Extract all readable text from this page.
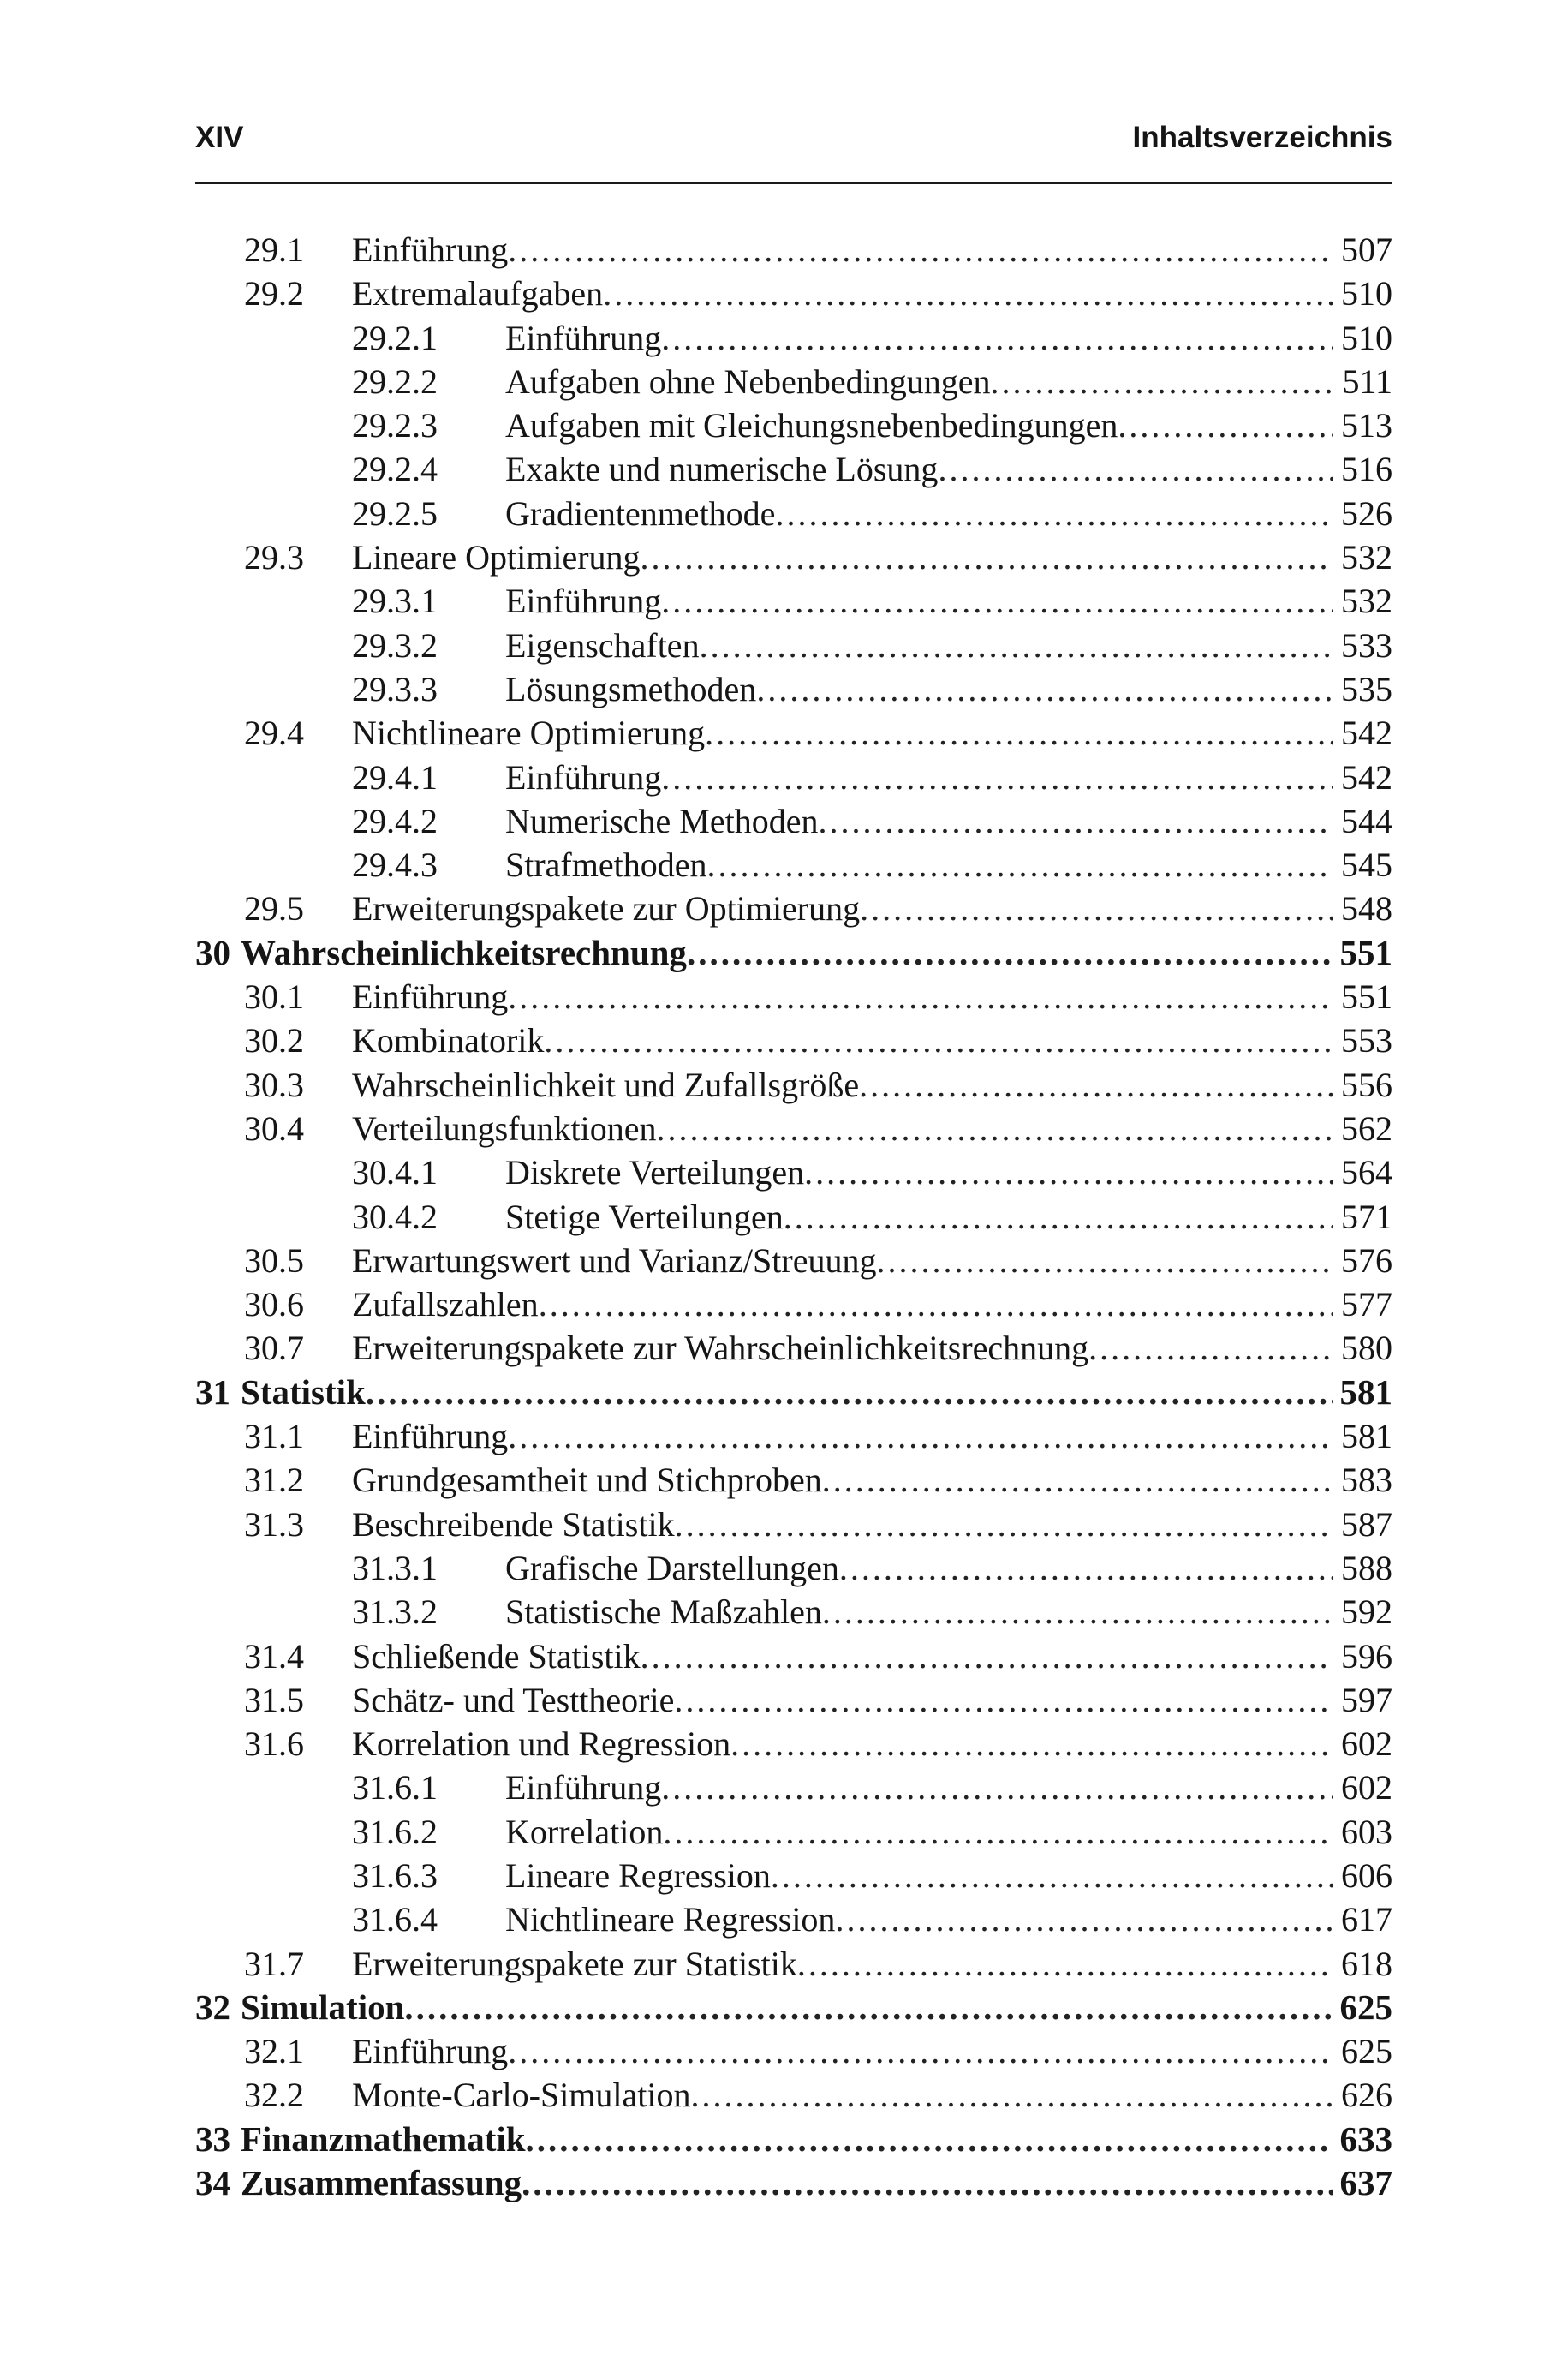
XIV	Inhaltsverzeichnis
29.1 Einführung .....	507
29.2 Extremalaufgaben .....	510
29.2.1 Einführung .....	510
29.2.2 Aufgaben ohne Nebenbedingungen .....	511
29.2.3 Aufgaben mit Gleichungsnebenbedingungen .....	513
29.2.4 Exakte und numerische Lösung .....	516
29.2.5 Gradientenmethode .....	526
29.3 Lineare Optimierung .....	532
29.3.1 Einführung .....	532
29.3.2 Eigenschaften .....	533
29.3.3 Lösungsmethoden .....	535
29.4 Nichtlineare Optimierung .....	542
29.4.1 Einführung .....	542
29.4.2 Numerische Methoden .....	544
29.4.3 Strafmethoden .....	545
29.5 Erweiterungspakete zur Optimierung .....	548
30 Wahrscheinlichkeitsrechnung .....	551
30.1 Einführung .....	551
30.2 Kombinatorik .....	553
30.3 Wahrscheinlichkeit und Zufallsgröße .....	556
30.4 Verteilungsfunktionen .....	562
30.4.1 Diskrete Verteilungen .....	564
30.4.2 Stetige Verteilungen .....	571
30.5 Erwartungswert und Varianz/Streuung .....	576
30.6 Zufallszahlen .....	577
30.7 Erweiterungspakete zur Wahrscheinlichkeitsrechnung .....	580
31 Statistik .....	581
31.1 Einführung .....	581
31.2 Grundgesamtheit und Stichproben .....	583
31.3 Beschreibende Statistik .....	587
31.3.1 Grafische Darstellungen .....	588
31.3.2 Statistische Maßzahlen .....	592
31.4 Schließende Statistik .....	596
31.5 Schätz- und Testtheorie .....	597
31.6 Korrelation und Regression .....	602
31.6.1 Einführung .....	602
31.6.2 Korrelation .....	603
31.6.3 Lineare Regression .....	606
31.6.4 Nichtlineare Regression .....	617
31.7 Erweiterungspakete zur Statistik .....	618
32 Simulation .....	625
32.1 Einführung .....	625
32.2 Monte-Carlo-Simulation .....	626
33 Finanzmathematik .....	633
34 Zusammenfassung .....	637
